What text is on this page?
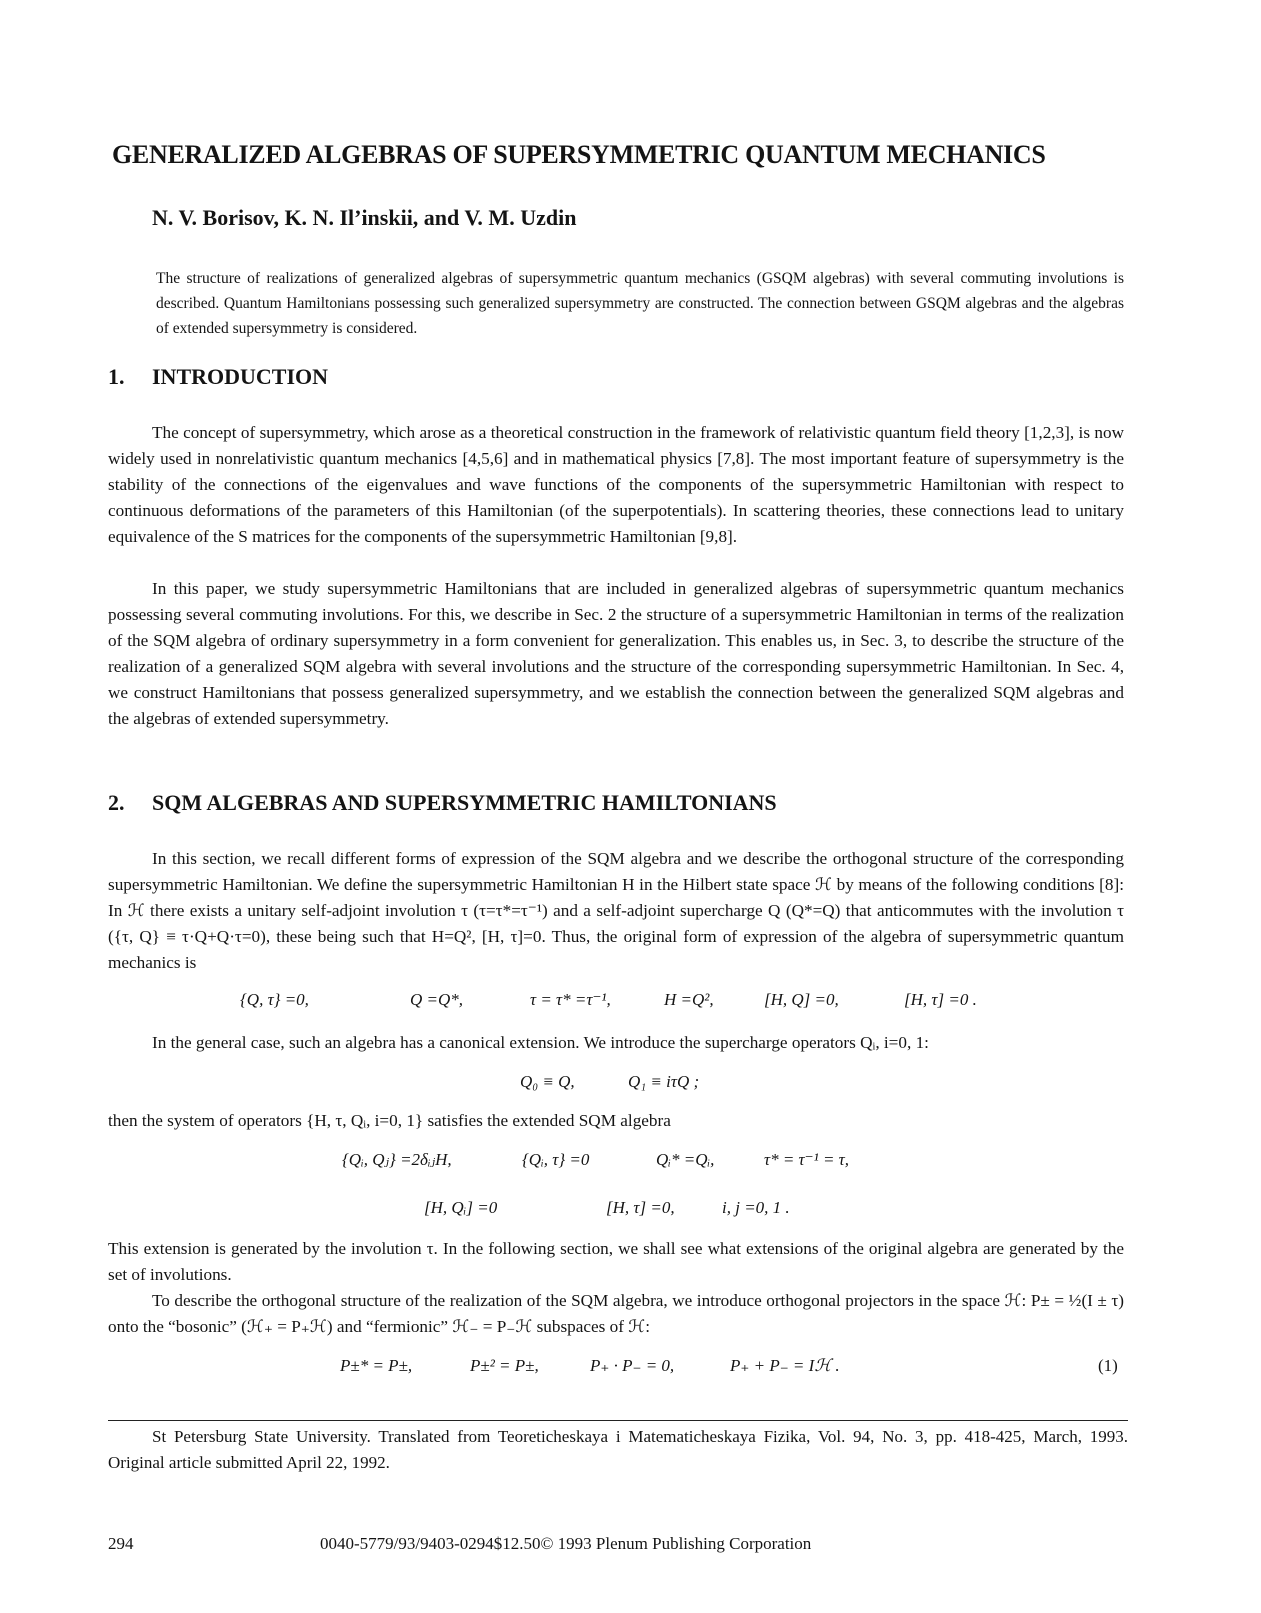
GENERALIZED ALGEBRAS OF SUPERSYMMETRIC QUANTUM MECHANICS
N. V. Borisov, K. N. Il’inskii, and V. M. Uzdin
The structure of realizations of generalized algebras of supersymmetric quantum mechanics (GSQM algebras) with several commuting involutions is described. Quantum Hamiltonians possessing such generalized supersymmetry are constructed. The connection between GSQM algebras and the algebras of extended supersymmetry is considered.
1. INTRODUCTION
The concept of supersymmetry, which arose as a theoretical construction in the framework of relativistic quantum field theory [1,2,3], is now widely used in nonrelativistic quantum mechanics [4,5,6] and in mathematical physics [7,8]. The most important feature of supersymmetry is the stability of the connections of the eigenvalues and wave functions of the components of the supersymmetric Hamiltonian with respect to continuous deformations of the parameters of this Hamiltonian (of the superpotentials). In scattering theories, these connections lead to unitary equivalence of the S matrices for the components of the supersymmetric Hamiltonian [9,8].
In this paper, we study supersymmetric Hamiltonians that are included in generalized algebras of supersymmetric quantum mechanics possessing several commuting involutions. For this, we describe in Sec. 2 the structure of a supersymmetric Hamiltonian in terms of the realization of the SQM algebra of ordinary supersymmetry in a form convenient for generalization. This enables us, in Sec. 3, to describe the structure of the realization of a generalized SQM algebra with several involutions and the structure of the corresponding supersymmetric Hamiltonian. In Sec. 4, we construct Hamiltonians that possess generalized supersymmetry, and we establish the connection between the generalized SQM algebras and the algebras of extended supersymmetry.
2. SQM ALGEBRAS AND SUPERSYMMETRIC HAMILTONIANS
In this section, we recall different forms of expression of the SQM algebra and we describe the orthogonal structure of the corresponding supersymmetric Hamiltonian. We define the supersymmetric Hamiltonian H in the Hilbert state space ℋ by means of the following conditions [8]: In ℋ there exists a unitary self-adjoint involution τ (τ=τ*=τ⁻¹) and a self-adjoint supercharge Q (Q*=Q) that anticommutes with the involution τ ({τ, Q} ≡ τ·Q+Q·τ=0), these being such that H=Q², [H, τ]=0. Thus, the original form of expression of the algebra of supersymmetric quantum mechanics is
{Q, τ} =0,	Q =Q*,	τ = τ* =τ⁻¹,	H =Q²,	[H, Q] =0,	[H, τ] =0 .
In the general case, such an algebra has a canonical extension. We introduce the supercharge operators Qᵢ, i=0, 1:
Q₀ ≡ Q,	Q₁ ≡ iτQ ;
then the system of operators {H, τ, Qᵢ, i=0, 1} satisfies the extended SQM algebra
{Qᵢ, Qⱼ} =2δᵢⱼH,	{Qᵢ, τ} =0	Qᵢ* =Qᵢ,	τ* = τ⁻¹ = τ,
[H, Qᵢ] =0	[H, τ] =0,	i, j =0, 1 .
This extension is generated by the involution τ. In the following section, we shall see what extensions of the original algebra are generated by the set of involutions.
To describe the orthogonal structure of the realization of the SQM algebra, we introduce orthogonal projectors in the space ℋ: P± = ½(I ± τ) onto the “bosonic” (ℋ₊ = P₊ℋ) and “fermionic” ℋ₋ = P₋ℋ subspaces of ℋ:
P±* = P±,	P±² = P±,	P₊ · P₋ = 0,	P₊ + P₋ = Iℋ .	(1)
St Petersburg State University. Translated from Teoreticheskaya i Matematicheskaya Fizika, Vol. 94, No. 3, pp. 418-425, March, 1993. Original article submitted April 22, 1992.
294	0040-5779/93/9403-0294$12.50© 1993 Plenum Publishing Corporation
